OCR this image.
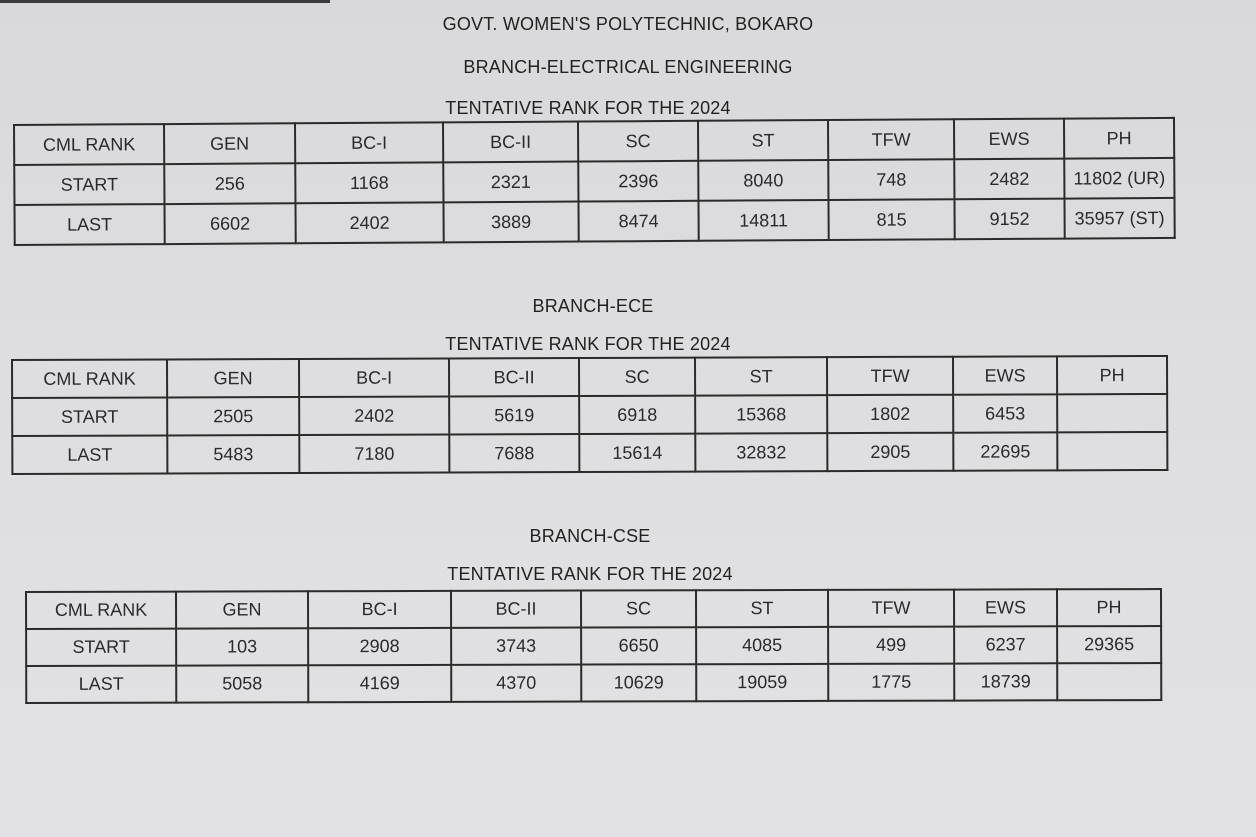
GOVT. WOMEN'S POLYTECHNIC, BOKARO
BRANCH-ELECTRICAL ENGINEERING
TENTATIVE RANK FOR THE 2024
CML RANK	GEN	BC-I	BC-II	SC	ST	TFW	EWS	PH
START	256	1168	2321	2396	8040	748	2482	11802 (UR)
LAST	6602	2402	3889	8474	14811	815	9152	35957 (ST)
BRANCH-ECE
TENTATIVE RANK FOR THE 2024
CML RANK	GEN	BC-I	BC-II	SC	ST	TFW	EWS	PH
START	2505	2402	5619	6918	15368	1802	6453	
LAST	5483	7180	7688	15614	32832	2905	22695	
BRANCH-CSE
TENTATIVE RANK FOR THE 2024
CML RANK	GEN	BC-I	BC-II	SC	ST	TFW	EWS	PH
START	103	2908	3743	6650	4085	499	6237	29365
LAST	5058	4169	4370	10629	19059	1775	18739	
